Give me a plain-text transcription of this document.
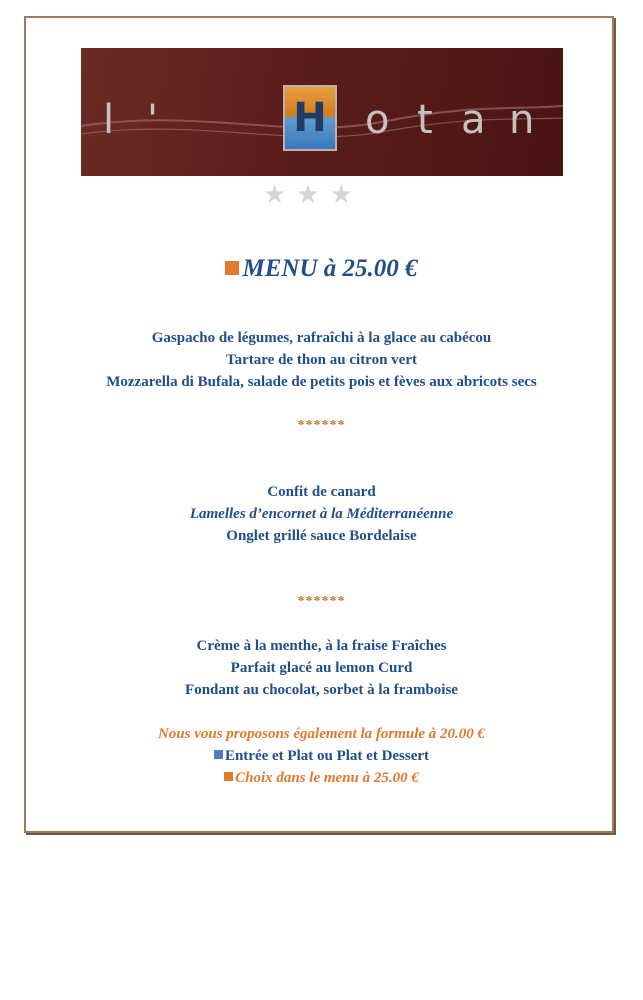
l '	H o t a n
★★★
MENU à 25.00 €
Gaspacho de légumes, rafraîchi à la glace au cabécou
Tartare de thon au citron vert
Mozzarella di Bufala, salade de petits pois et fèves aux abricots secs
******
Confit de canard
Lamelles d’encornet à la Méditerranéenne
Onglet grillé sauce Bordelaise
******
Crème à la menthe, à la fraise Fraîches
Parfait glacé au lemon Curd
Fondant au chocolat, sorbet à la framboise
Nous vous proposons également la formule à 20.00 €
Entrée et Plat ou Plat et Dessert
Choix dans le menu à 25.00 €
